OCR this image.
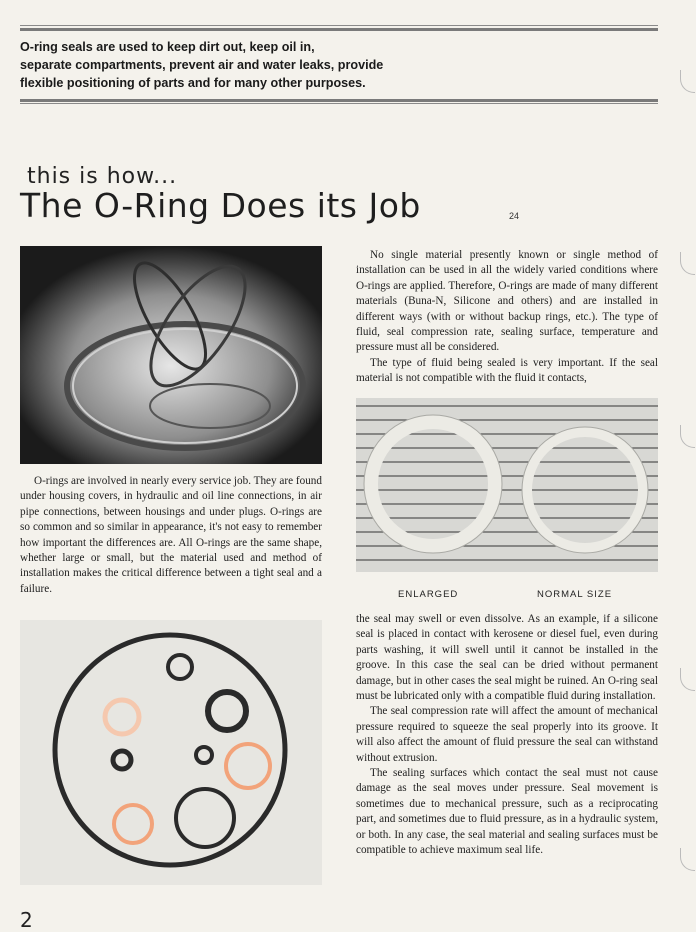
O-ring seals are used to keep dirt out, keep oil in,
separate compartments, prevent air and water leaks, provide
flexible positioning of parts and for many other purposes.
this is how...
The O-Ring Does its Job	24

O-rings are involved in nearly every service job. They are found under housing covers, in hydraulic and oil line connections, in air pipe connections, between housings and under plugs. O-rings are so common and so similar in appearance, it's not easy to remember how important the differences are. All O-rings are the same shape, whether large or small, but the material used and method of installation makes the critical difference between a tight seal and a failure.

No single material presently known or single method of installation can be used in all the widely varied conditions where O-rings are applied. Therefore, O-rings are made of many different materials (Buna-N, Silicone and others) and are installed in different ways (with or without backup rings, etc.). The type of fluid, seal compression rate, sealing surface, temperature and pressure must all be considered.

The type of fluid being sealed is very important. If the seal material is not compatible with the fluid it contacts,

ENLARGED	NORMAL SIZE

the seal may swell or even dissolve. As an example, if a silicone seal is placed in contact with kerosene or diesel fuel, even during parts washing, it will swell until it cannot be installed in the groove. In this case the seal can be dried without permanent damage, but in other cases the seal might be ruined. An O-ring seal must be lubricated only with a compatible fluid during installation.

The seal compression rate will affect the amount of mechanical pressure required to squeeze the seal properly into its groove. It will also affect the amount of fluid pressure the seal can withstand without extrusion.

The sealing surfaces which contact the seal must not cause damage as the seal moves under pressure. Seal movement is sometimes due to mechanical pressure, such as a reciprocating part, and sometimes due to fluid pressure, as in a hydraulic system, or both. In any case, the seal material and sealing surfaces must be compatible to achieve maximum seal life.

2
